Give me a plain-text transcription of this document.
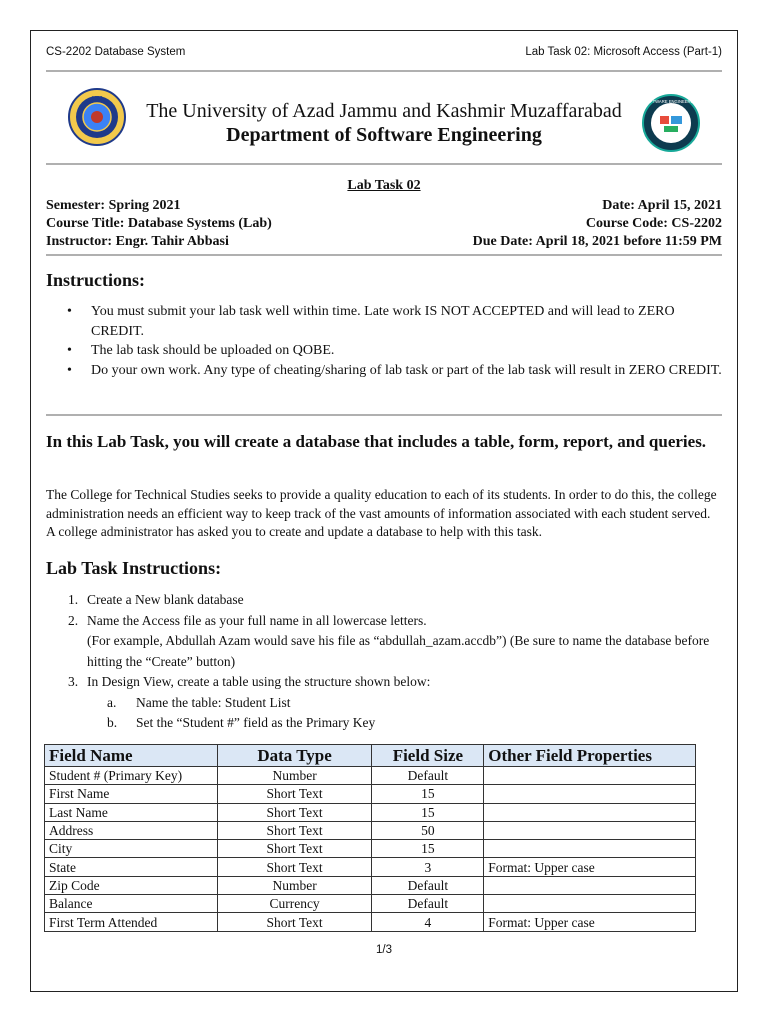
CS-2202 Database System	Lab Task 02: Microsoft Access (Part-1)
1980	SOFTWARE ENGINEERING
The University of Azad Jammu and Kashmir Muzaffarabad
Department of Software Engineering
Lab Task 02
Semester: Spring 2021	Date: April 15, 2021
Course Title: Database Systems (Lab)	Course Code: CS-2202
Instructor: Engr. Tahir Abbasi	Due Date: April 18, 2021 before 11:59 PM
Instructions:
• You must submit your lab task well within time. Late work IS NOT ACCEPTED and will lead to ZERO CREDIT.
• The lab task should be uploaded on QOBE.
• Do your own work. Any type of cheating/sharing of lab task or part of the lab task will result in ZERO CREDIT.

In this Lab Task, you will create a database that includes a table, form, report, and queries.

The College for Technical Studies seeks to provide a quality education to each of its students. In order to do this, the college administration needs an efficient way to keep track of the vast amounts of information associated with each student served. A college administrator has asked you to create and update a database to help with this task.

Lab Task Instructions:
1. Create a New blank database
2. Name the Access file as your full name in all lowercase letters.
(For example, Abdullah Azam would save his file as “abdullah_azam.accdb”) (Be sure to name the database before hitting the “Create” button)
3. In Design View, create a table using the structure shown below:
a. Name the table: Student List
b. Set the “Student #” field as the Primary Key
Field Name	Data Type	Field Size	Other Field Properties
Student # (Primary Key)	Number	Default	
First Name	Short Text	15	
Last Name	Short Text	15	
Address	Short Text	50	
City	Short Text	15	
State	Short Text	3	Format: Upper case
Zip Code	Number	Default	
Balance	Currency	Default	
First Term Attended	Short Text	4	Format: Upper case
1/3
